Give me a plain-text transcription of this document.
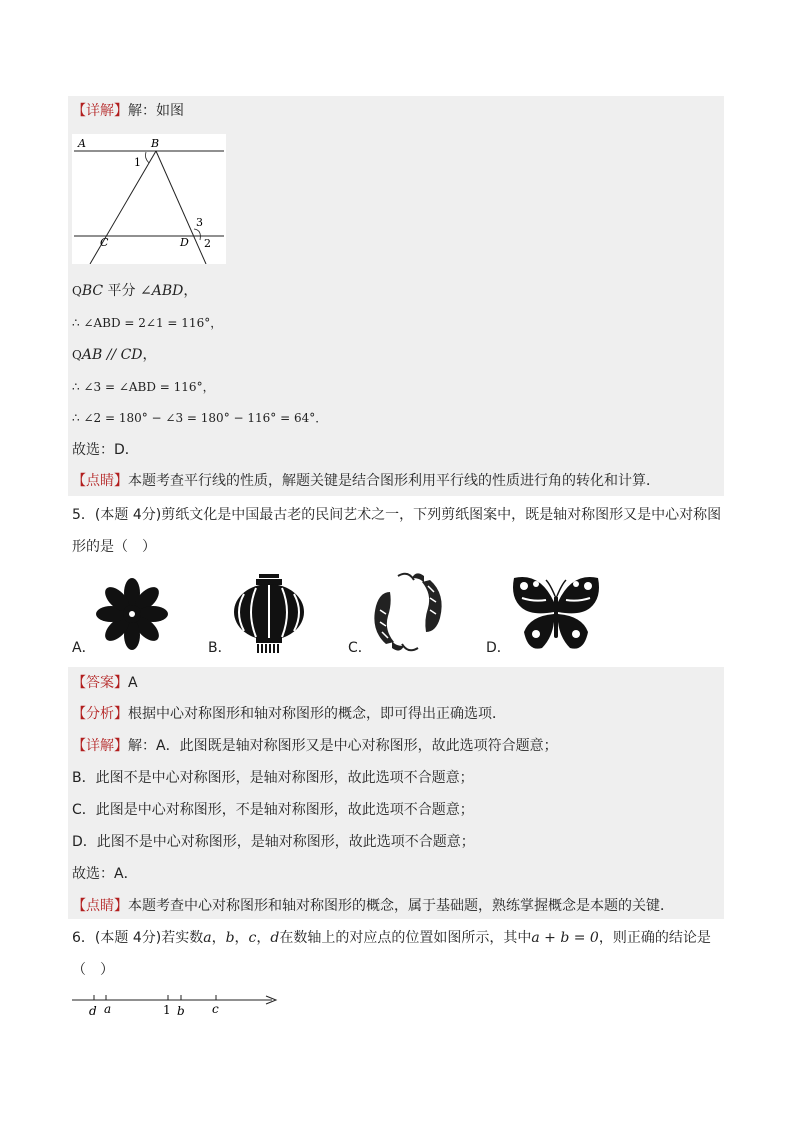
【详解】解：如图
A	B
1
C	D
3
2
QBC 平分 ∠ABD，
∴ ∠ABD = 2∠1 = 116°，
QAB // CD，
∴ ∠3 = ∠ABD = 116°，
∴ ∠2 = 180° − ∠3 = 180° − 116° = 64°．
故选：D．
【点睛】本题考查平行线的性质，解题关键是结合图形利用平行线的性质进行角的转化和计算．
5．(本题 4分)剪纸文化是中国最古老的民间艺术之一，下列剪纸图案中，既是轴对称图形又是中心对称图
形的是（　）
A．	B．	C．	D．
【答案】A
【分析】根据中心对称图形和轴对称图形的概念，即可得出正确选项．
【详解】解：A．此图既是轴对称图形又是中心对称图形，故此选项符合题意；
B．此图不是中心对称图形，是轴对称图形，故此选项不合题意；
C．此图是中心对称图形，不是轴对称图形，故此选项不合题意；
D．此图不是中心对称图形，是轴对称图形，故此选项不合题意；
故选：A．
【点睛】本题考查中心对称图形和轴对称图形的概念，属于基础题，熟练掌握概念是本题的关键．
6．(本题 4分)若实数a，b，c，d在数轴上的对应点的位置如图所示，其中a + b = 0，则正确的结论是
（　）
d a	1 b c
